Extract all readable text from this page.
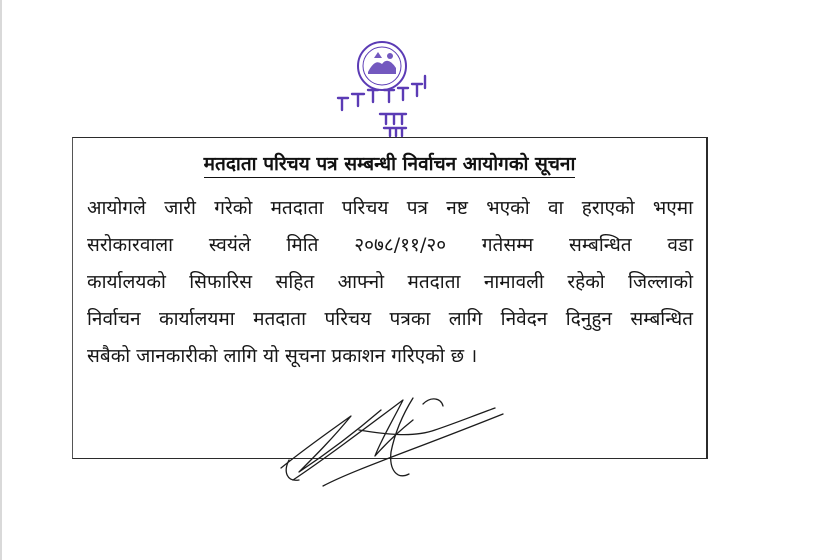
मतदाता परिचय पत्र सम्बन्धी निर्वाचन आयोगको सूचना
आयोगले जारी गरेको मतदाता परिचय पत्र नष्ट भएको वा हराएको भएमा
सरोकारवाला स्वयंले मिति २०७८/११/२० गतेसम्म सम्बन्धित वडा
कार्यालयको सिफारिस सहित आफ्नो मतदाता नामावली रहेको जिल्लाको
निर्वाचन कार्यालयमा मतदाता परिचय पत्रका लागि निवेदन दिनुहुन सम्बन्धित
सबैको जानकारीको लागि यो सूचना प्रकाशन गरिएको छ ।
